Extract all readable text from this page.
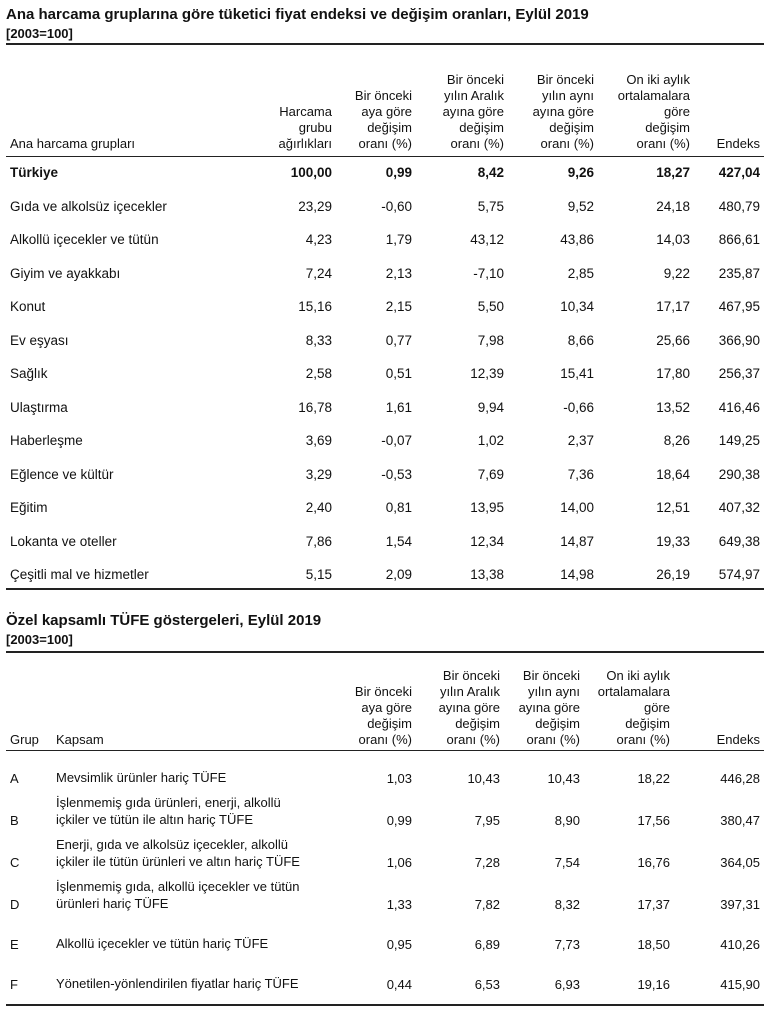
Ana harcama gruplarına göre tüketici fiyat endeksi ve değişim oranları, Eylül 2019
[2003=100]
Ana harcama grupları
Harcama
grubu
ağırlıkları
Bir önceki
aya göre
değişim
oranı (%)
Bir önceki
yılın Aralık
ayına göre
değişim
oranı (%)
Bir önceki
yılın aynı
ayına göre
değişim
oranı (%)
On iki aylık
ortalamalara
göre
değişim
oranı (%) Endeks
Türkiye	100,00	0,99	8,42	9,26	18,27 427,04
Gıda ve alkolsüz içecekler	23,29	-0,60	5,75	9,52	24,18 480,79
Alkollü içecekler ve tütün	4,23	1,79	43,12	43,86	14,03 866,61
Giyim ve ayakkabı	7,24	2,13	-7,10	2,85	9,22 235,87
Konut	15,16	2,15	5,50	10,34	17,17 467,95
Ev eşyası	8,33	0,77	7,98	8,66	25,66 366,90
Sağlık	2,58	0,51	12,39	15,41	17,80 256,37
Ulaştırma	16,78	1,61	9,94	-0,66	13,52 416,46
Haberleşme	3,69	-0,07	1,02	2,37	8,26 149,25
Eğlence ve kültür	3,29	-0,53	7,69	7,36	18,64 290,38
Eğitim	2,40	0,81	13,95	14,00	12,51 407,32
Lokanta ve oteller	7,86	1,54	12,34	14,87	19,33 649,38
Çeşitli mal ve hizmetler	5,15	2,09	13,38	14,98	26,19 574,97
Özel kapsamlı TÜFE göstergeleri, Eylül 2019
[2003=100]
Grup Kapsam
Bir önceki
aya göre
değişim
oranı (%)
Bir önceki
yılın Aralık
ayına göre
değişim
oranı (%)
Bir önceki
yılın aynı
ayına göre
değişim
oranı (%)
On iki aylık
ortalamalara
göre
değişim
oranı (%)	Endeks
A	Mevsimlik ürünler hariç TÜFE	1,03	10,43	10,43	18,22	446,28
B
İşlenmemiş gıda ürünleri, enerji, alkollü
içkiler ve tütün ile altın hariç TÜFE	0,99	7,95	8,90	17,56	380,47
C
Enerji, gıda ve alkolsüz içecekler, alkollü
içkiler ile tütün ürünleri ve altın hariç TÜFE	1,06	7,28	7,54	16,76	364,05
D
İşlenmemiş gıda, alkollü içecekler ve tütün
ürünleri hariç TÜFE	1,33	7,82	8,32	17,37	397,31
E	Alkollü içecekler ve tütün hariç TÜFE	0,95	6,89	7,73	18,50	410,26
F	Yönetilen-yönlendirilen fiyatlar hariç TÜFE	0,44	6,53	6,93	19,16	415,90
